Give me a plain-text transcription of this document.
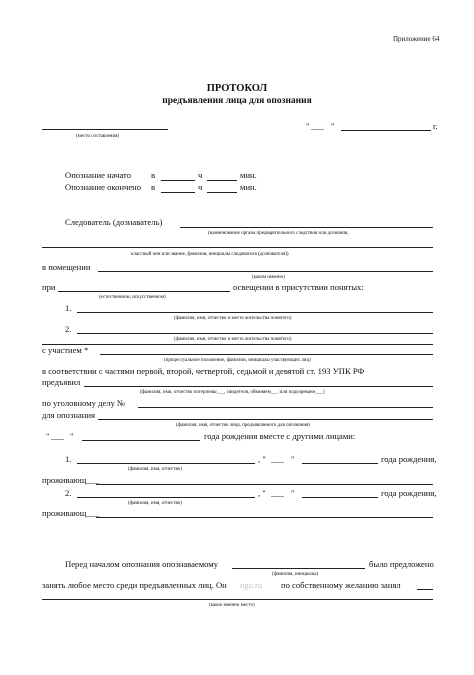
Приложение 64
ПРОТОКОЛ
предъявления лица для опознания
(место составления)
" ___ "	г.
Опознание начато в	ч	мин.
Опознание окончено в	ч	мин.
Следователь (дознаватель)
(наименование органа предварительного следствия или дознания,
классный чин или звание, фамилия, инициалы следователя (дознавателя))
в помещении
(каком именно)
при	освещении в присутствии понятых:
(естественном, искусственном)
1.
(фамилия, имя, отчество и место жительства понятого)
2.
(фамилия, имя, отчество и место жительства понятого)
с участием *
(процессуальное положение, фамилии, инициалы участвующих лиц)
в соответствии с частями первой, второй, четвертой, седьмой и девятой ст. 193 УПК РФ
предъявил
(фамилия, имя, отчество потерпевш___, свидетеля, обвиняем___ или подозреваем___)
по уголовному делу №
для опознания
(фамилия, имя, отчество лица, предъявляемого для опознания)
" ___ "	года рождения вместе с другими лицами:
1.	, " ___ "	года рождения,
(фамилия, имя, отчество)
проживающ___
2.	, " ___ "	года рождения,
(фамилия, имя, отчество)
проживающ___
Перед началом опознания опознаваемому	было предложено
(фамилия, инициалы)
занять любое место среди предъявленных лиц. Он ngo.ru по собственному желанию занял
(какое именно место)
